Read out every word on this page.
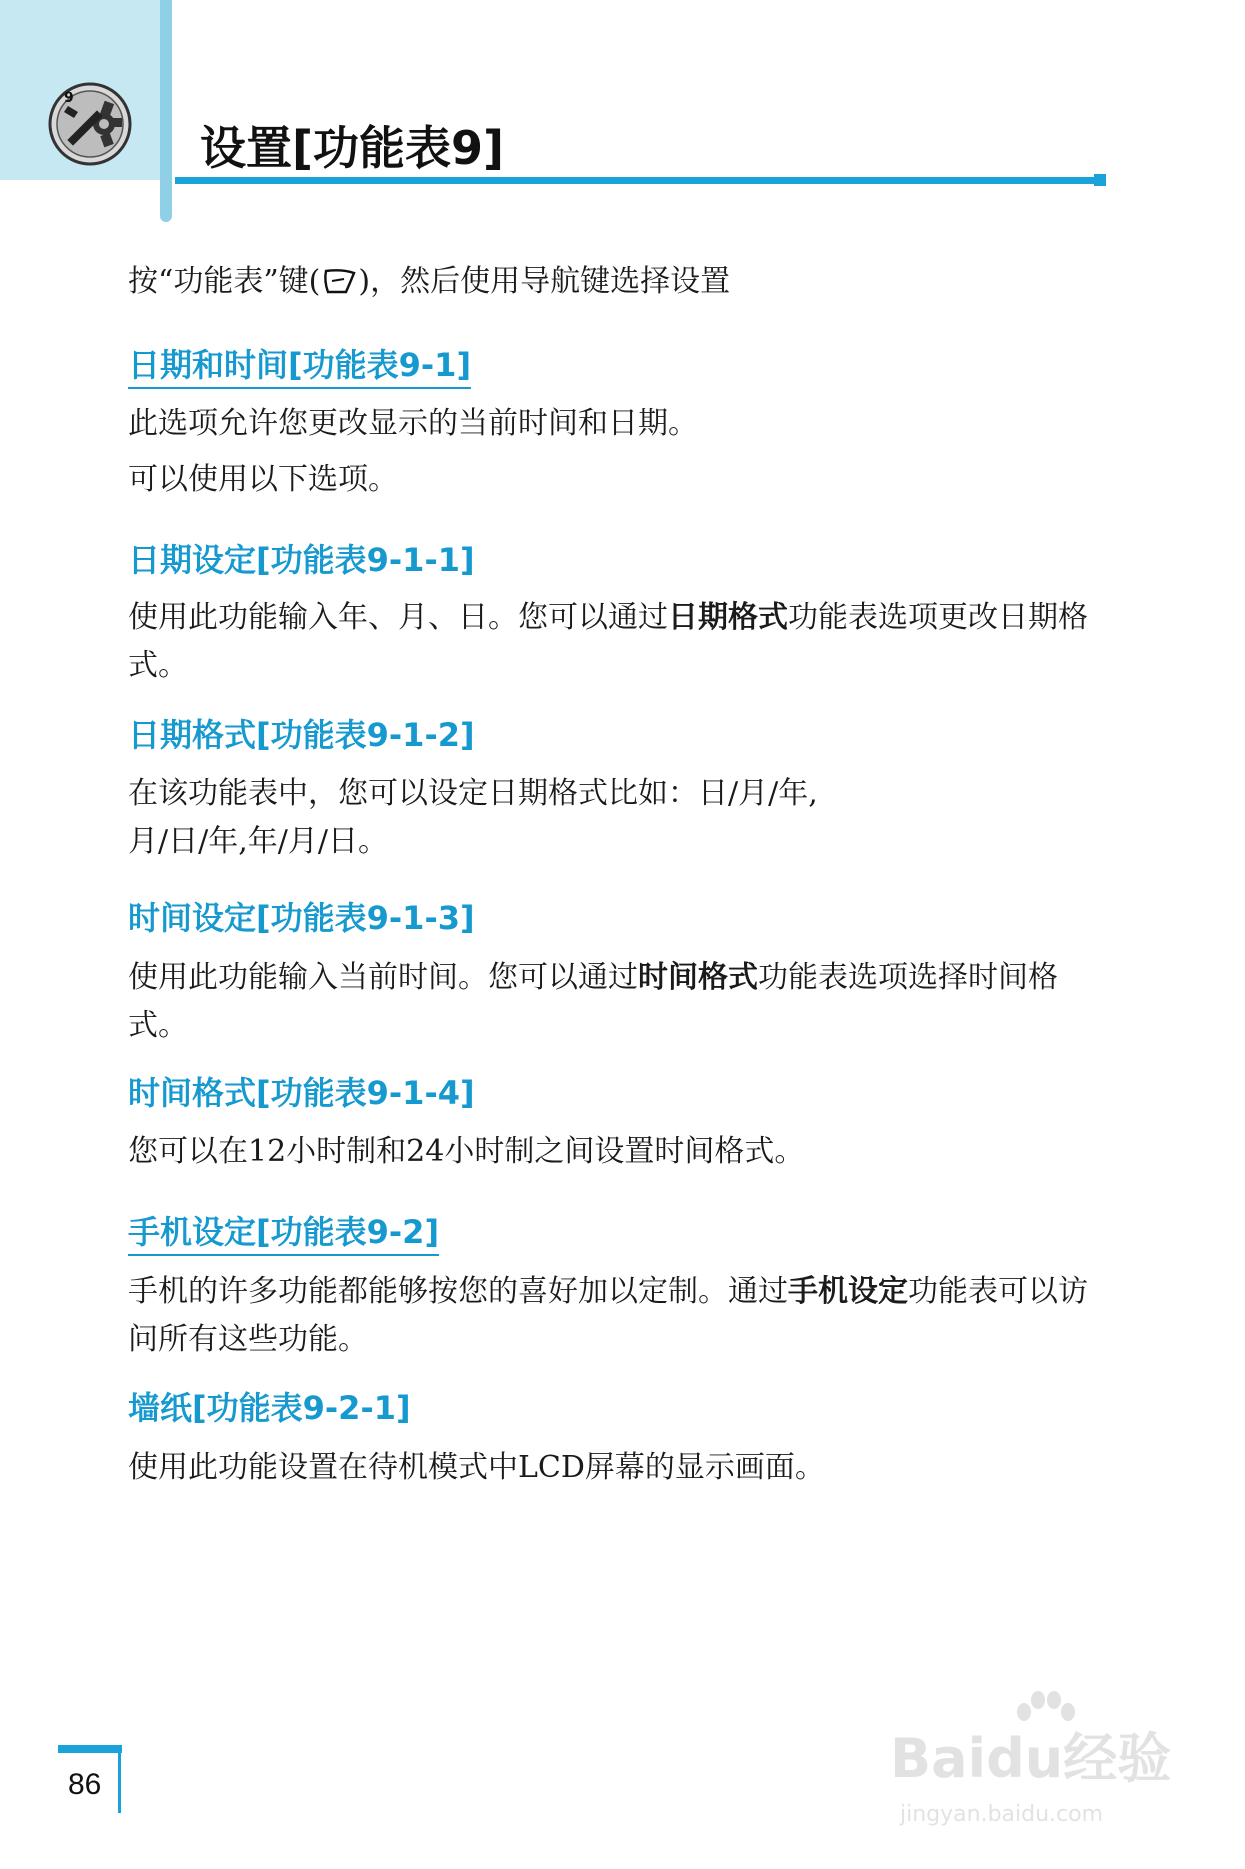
9
设置[功能表9]
按“功能表”键( )，然后使用导航键选择设置
日期和时间[功能表9-1]
此选项允许您更改显示的当前时间和日期。
可以使用以下选项。
日期设定[功能表9-1-1]
使用此功能输入年、月、日。您可以通过日期格式功能表选项更改日期格式。
日期格式[功能表9-1-2]
在该功能表中，您可以设定日期格式比如：日/月/年,
月/日/年,年/月/日。
时间设定[功能表9-1-3]
使用此功能输入当前时间。您可以通过时间格式功能表选项选择时间格式。
时间格式[功能表9-1-4]
您可以在12小时制和24小时制之间设置时间格式。
手机设定[功能表9-2]
手机的许多功能都能够按您的喜好加以定制。通过手机设定功能表可以访问所有这些功能。
墙纸[功能表9-2-1]
使用此功能设置在待机模式中LCD屏幕的显示画面。
86	Baidu经验
jingyan.baidu.com
